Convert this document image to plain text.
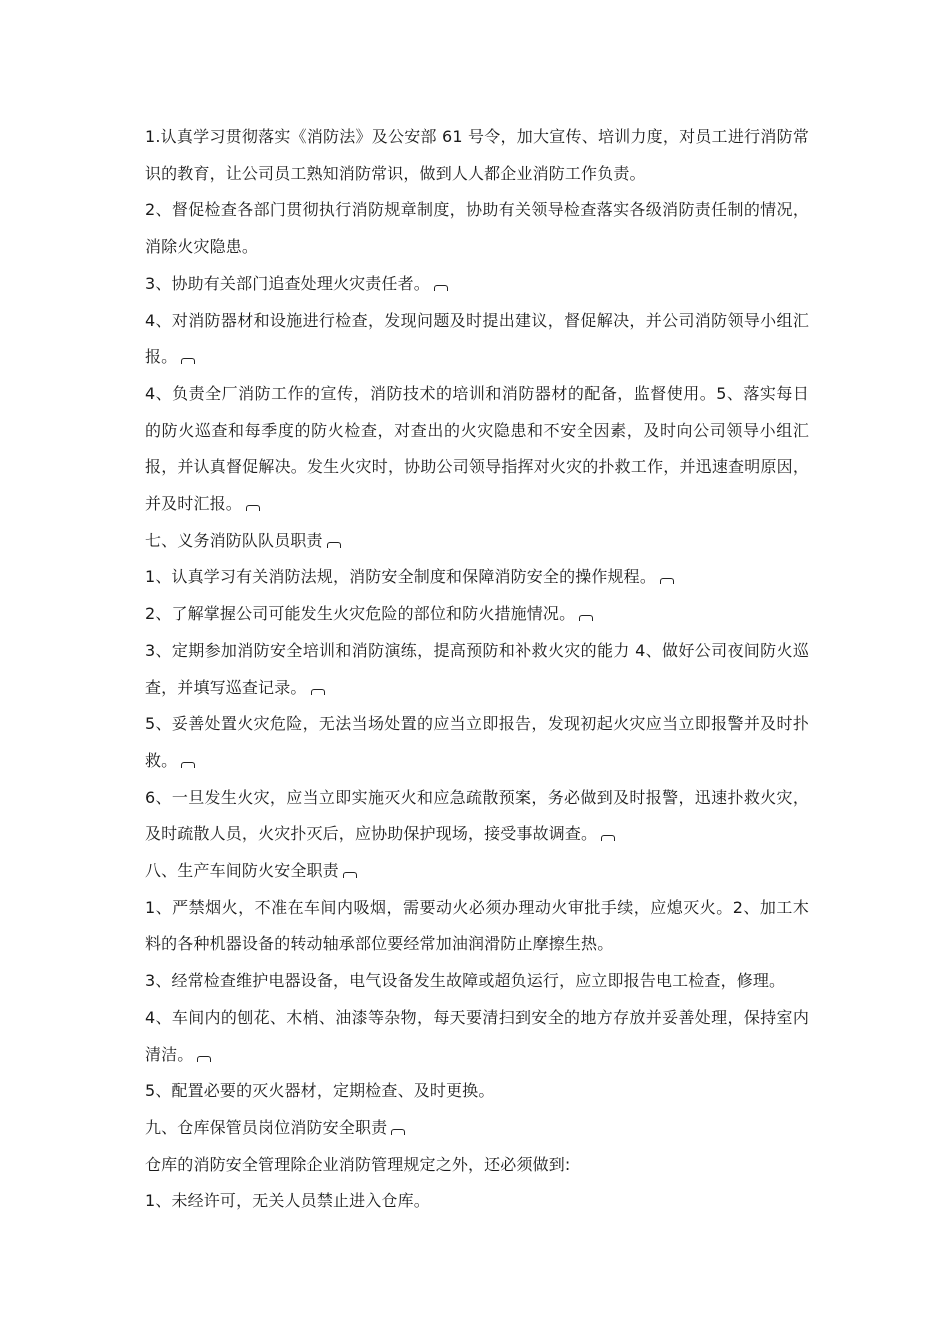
1.认真学习贯彻落实《消防法》及公安部 61 号令，加大宣传、培训力度，对员工进行消防常识的教育，让公司员工熟知消防常识，做到人人都企业消防工作负责。

2、督促检查各部门贯彻执行消防规章制度，协助有关领导检查落实各级消防责任制的情况，消除火灾隐患。

3、协助有关部门追查处理火灾责任者。

4、对消防器材和设施进行检查，发现问题及时提出建议，督促解决，并公司消防领导小组汇报。

4、负责全厂消防工作的宣传，消防技术的培训和消防器材的配备，监督使用。5、落实每日的防火巡查和每季度的防火检查，对查出的火灾隐患和不安全因素，及时向公司领导小组汇报，并认真督促解决。发生火灾时，协助公司领导指挥对火灾的扑救工作，并迅速查明原因，并及时汇报。

七、义务消防队队员职责

1、认真学习有关消防法规，消防安全制度和保障消防安全的操作规程。

2、了解掌握公司可能发生火灾危险的部位和防火措施情况。

3、定期参加消防安全培训和消防演练，提高预防和补救火灾的能力 4、做好公司夜间防火巡查，并填写巡查记录。

5、妥善处置火灾危险，无法当场处置的应当立即报告，发现初起火灾应当立即报警并及时扑救。

6、一旦发生火灾，应当立即实施灭火和应急疏散预案，务必做到及时报警，迅速扑救火灾，及时疏散人员，火灾扑灭后，应协助保护现场，接受事故调查。

八、生产车间防火安全职责

1、严禁烟火，不准在车间内吸烟，需要动火必须办理动火审批手续，应熄灭火。2、加工木料的各种机器设备的转动轴承部位要经常加油润滑防止摩擦生热。

3、经常检查维护电器设备，电气设备发生故障或超负运行，应立即报告电工检查，修理。

4、车间内的刨花、木梢、油漆等杂物，每天要清扫到安全的地方存放并妥善处理，保持室内清洁。

5、配置必要的灭火器材，定期检查、及时更换。

九、仓库保管员岗位消防安全职责

仓库的消防安全管理除企业消防管理规定之外，还必须做到:

1、未经许可，无关人员禁止进入仓库。
